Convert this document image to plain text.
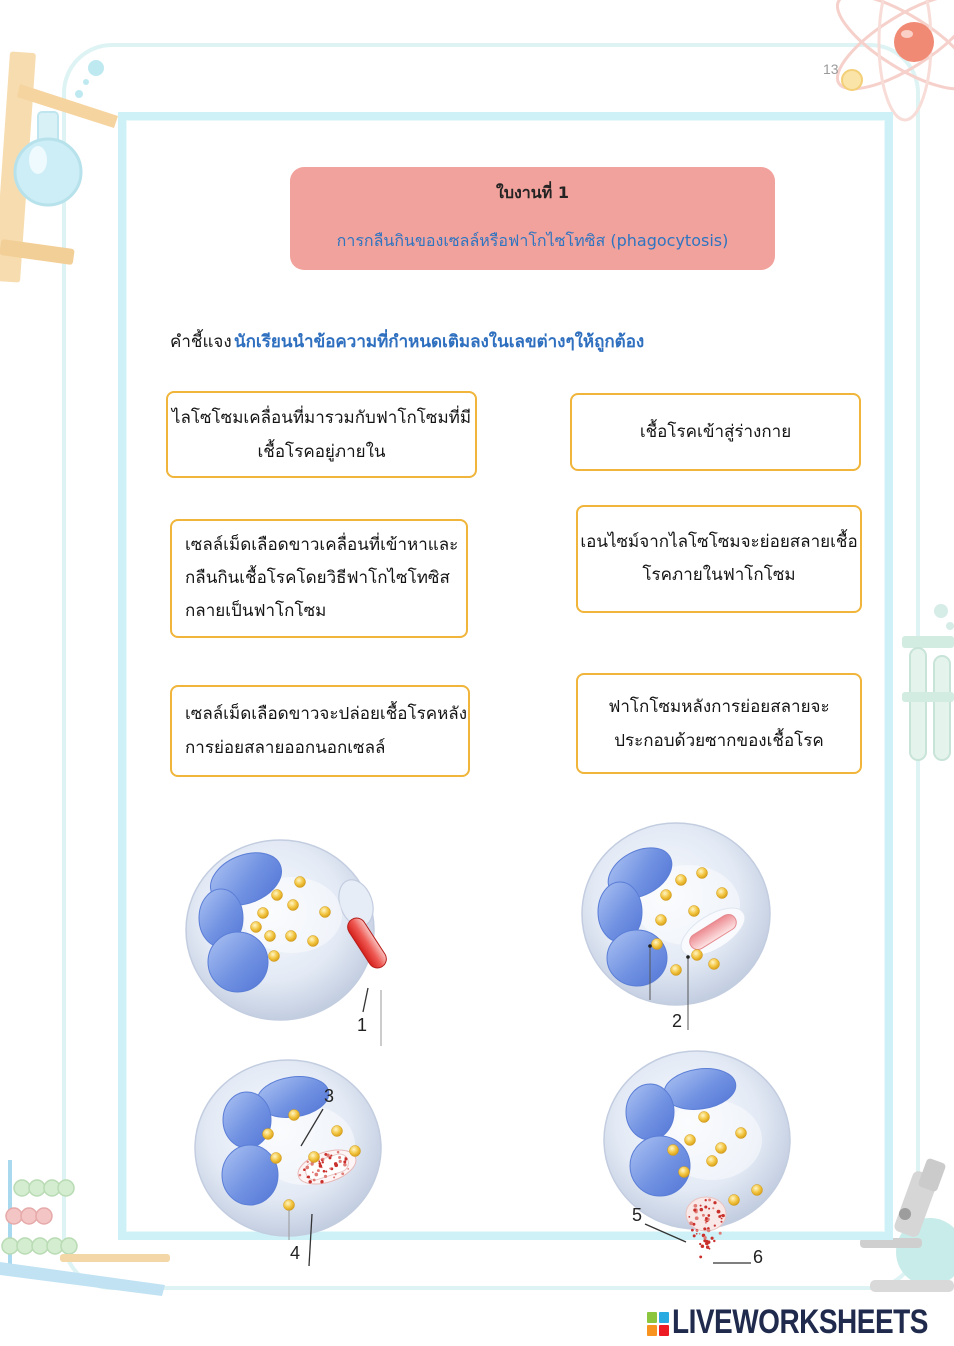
13
ใบงานที่ 1
การกลืนกินของเซลล์หรือฟาโกไซโทซิส (phagocytosis)
คำชี้แจง นักเรียนนำข้อความที่กำหนดเติมลงในเลขต่างๆให้ถูกต้อง
ไลโซโซมเคลื่อนที่มารวมกับฟาโกโซมที่มี
เชื้อโรคอยู่ภายใน
เชื้อโรคเข้าสู่ร่างกาย
เซลล์เม็ดเลือดขาวเคลื่อนที่เข้าหาและ
กลืนกินเชื้อโรคโดยวิธีฟาโกไซโทซิส
กลายเป็นฟาโกโซม
เอนไซม์จากไลโซโซมจะย่อยสลายเชื้อ
โรคภายในฟาโกโซม
เซลล์เม็ดเลือดขาวจะปล่อยเชื้อโรคหลัง
การย่อยสลายออกนอกเซลล์
ฟาโกโซมหลังการย่อยสลายจะ
ประกอบด้วยซากของเชื้อโรค
1	2
3
4
5
6
LIVEWORKSHEETS
